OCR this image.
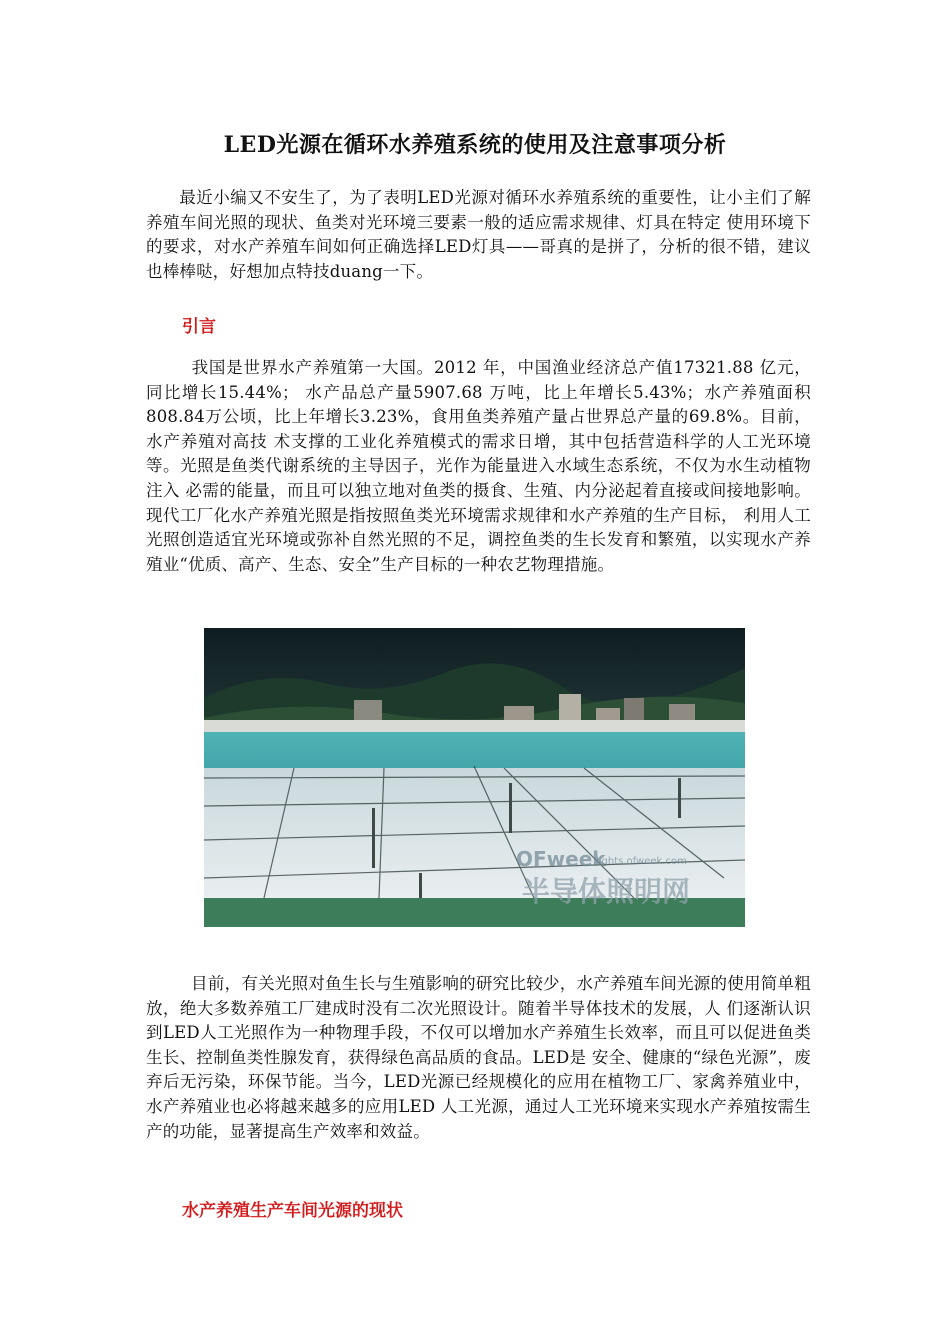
LED光源在循环水养殖系统的使用及注意事项分析

最近小编又不安生了，为了表明LED光源对循环水养殖系统的重要性，让小主们了解养殖车间光照的现状、鱼类对光环境三要素一般的适应需求规律、灯具在特定 使用环境下的要求，对水产养殖车间如何正确选择LED灯具——哥真的是拼了，分析的很不错，建议也棒棒哒，好想加点特技duang一下。

引言

我国是世界水产养殖第一大国。2012 年，中国渔业经济总产值17321.88 亿元， 同比增长15.44%； 水产品总产量5907.68 万吨，比上年增长5.43%；水产养殖面积808.84万公顷，比上年增长3.23%，食用鱼类养殖产量占世界总产量的69.8%。目前，水产养殖对高技 术支撑的工业化养殖模式的需求日增，其中包括营造科学的人工光环境等。光照是鱼类代谢系统的主导因子，光作为能量进入水域生态系统，不仅为水生动植物注入 必需的能量，而且可以独立地对鱼类的摄食、生殖、内分泌起着直接或间接地影响。现代工厂化水产养殖光照是指按照鱼类光环境需求规律和水产养殖的生产目标， 利用人工光照创造适宜光环境或弥补自然光照的不足，调控鱼类的生长发育和繁殖，以实现水产养殖业“优质、高产、生态、安全”生产目标的一种农艺物理措施。

OFweek
lights.ofweek.com
半导体照明网

目前，有关光照对鱼生长与生殖影响的研究比较少，水产养殖车间光源的使用简单粗放，绝大多数养殖工厂建成时没有二次光照设计。随着半导体技术的发展，人 们逐渐认识到LED人工光照作为一种物理手段，不仅可以增加水产养殖生长效率，而且可以促进鱼类生长、控制鱼类性腺发育，获得绿色高品质的食品。LED是 安全、健康的“绿色光源”，废弃后无污染，环保节能。当今，LED光源已经规模化的应用在植物工厂、家禽养殖业中，水产养殖业也必将越来越多的应用LED 人工光源，通过人工光环境来实现水产养殖按需生产的功能，显著提高生产效率和效益。

水产养殖生产车间光源的现状
